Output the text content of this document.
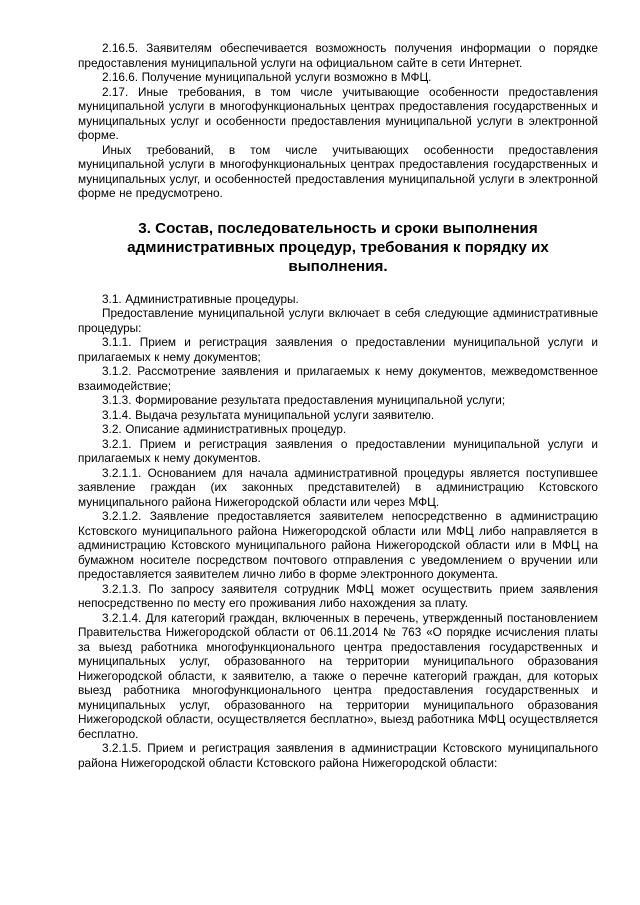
2.16.5. Заявителям обеспечивается возможность получения информации о порядке предоставления муниципальной услуги на официальном сайте в сети Интернет.

2.16.6. Получение муниципальной услуги возможно в МФЦ.

2.17. Иные требования, в том числе учитывающие особенности предоставления муниципальной услуги в многофункциональных центрах предоставления государственных и муниципальных услуг и особенности предоставления муниципальной услуги в электронной форме.

Иных требований, в том числе учитывающих особенности предоставления муниципальной услуги в многофункциональных центрах предоставления государственных и муниципальных услуг, и особенностей предоставления муниципальной услуги в электронной форме не предусмотрено.

3. Состав, последовательность и сроки выполнения административных процедур, требования к порядку их выполнения.

3.1. Административные процедуры.

Предоставление муниципальной услуги включает в себя следующие административные процедуры:

3.1.1. Прием и регистрация заявления о предоставлении муниципальной услуги и прилагаемых к нему документов;

3.1.2. Рассмотрение заявления и прилагаемых к нему документов, межведомственное взаимодействие;

3.1.3. Формирование результата предоставления муниципальной услуги;

3.1.4. Выдача результата муниципальной услуги заявителю.

3.2. Описание административных процедур.

3.2.1. Прием и регистрация заявления о предоставлении муниципальной услуги и прилагаемых к нему документов.

3.2.1.1. Основанием для начала административной процедуры является поступившее заявление граждан (их законных представителей) в администрацию Кстовского муниципального района Нижегородской области или через МФЦ.

3.2.1.2. Заявление предоставляется заявителем непосредственно в администрацию Кстовского муниципального района Нижегородской области или МФЦ либо направляется в администрацию Кстовского муниципального района Нижегородской области или в МФЦ на бумажном носителе посредством почтового отправления с уведомлением о вручении или предоставляется заявителем лично либо в форме электронного документа.

3.2.1.3. По запросу заявителя сотрудник МФЦ может осуществить прием заявления непосредственно по месту его проживания либо нахождения за плату.

3.2.1.4. Для категорий граждан, включенных в перечень, утвержденный постановлением Правительства Нижегородской области от 06.11.2014 № 763 «О порядке исчисления платы за выезд работника многофункционального центра предоставления государственных и муниципальных услуг, образованного на территории муниципального образования Нижегородской области, к заявителю, а также о перечне категорий граждан, для которых выезд работника многофункционального центра предоставления государственных и муниципальных услуг, образованного на территории муниципального образования Нижегородской области, осуществляется бесплатно», выезд работника МФЦ осуществляется бесплатно.

3.2.1.5. Прием и регистрация заявления в администрации Кстовского муниципального района Нижегородской области Кстовского района Нижегородской области:
